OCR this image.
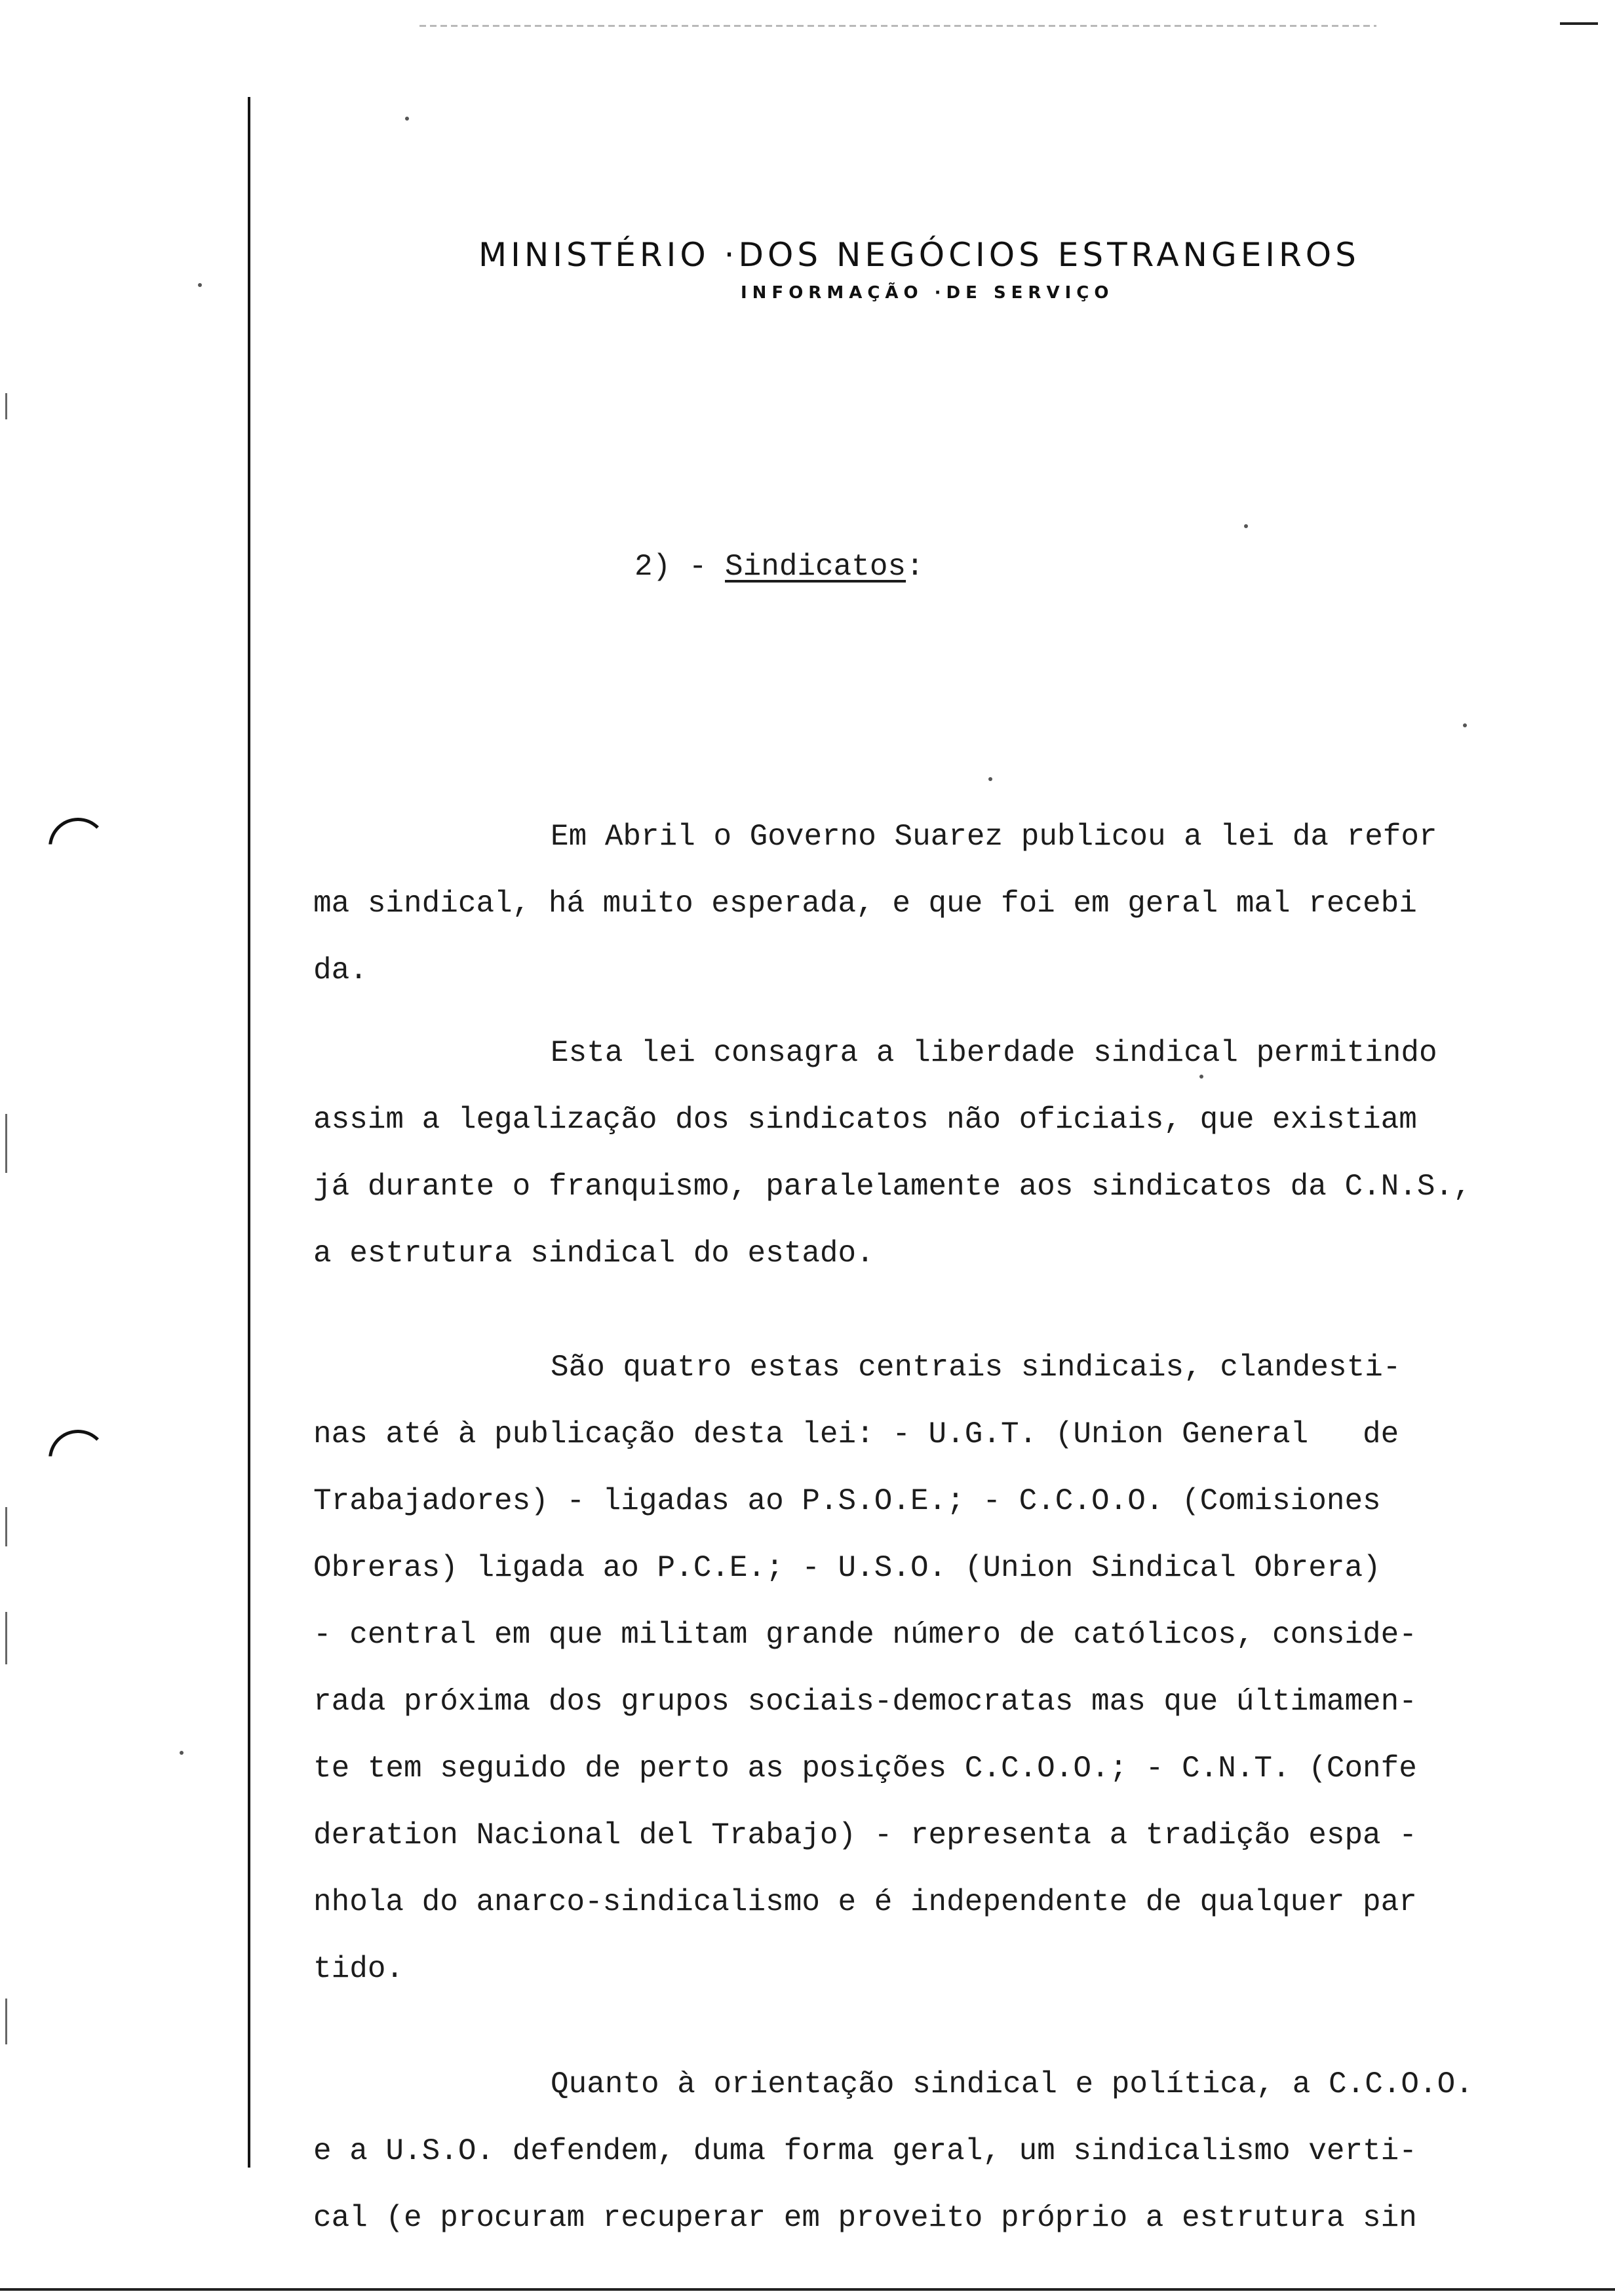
MINISTÉRIO ·DOS NEGÓCIOS ESTRANGEIROS
INFORMAÇÃO ·DE SERVIÇO
2) - Sindicatos:
Em Abril o Governo Suarez publicou a lei da refor
ma sindical, há muito esperada, e que foi em geral mal recebi
da.
Esta lei consagra a liberdade sindical permitindo
assim a legalização dos sindicatos não oficiais, que existiam
já durante o franquismo, paralelamente aos sindicatos da C.N.S.,
a estrutura sindical do estado.
São quatro estas centrais sindicais, clandesti-
nas até à publicação desta lei: - U.G.T. (Union General   de
Trabajadores) - ligadas ao P.S.O.E.; - C.C.O.O. (Comisiones
Obreras) ligada ao P.C.E.; - U.S.O. (Union Sindical Obrera)
- central em que militam grande número de católicos, conside-
rada próxima dos grupos sociais-democratas mas que últimamen-
te tem seguido de perto as posições C.C.O.O.; - C.N.T. (Confe
deration Nacional del Trabajo) - representa a tradição espa -
nhola do anarco-sindicalismo e é independente de qualquer par
tido.
Quanto à orientação sindical e política, a C.C.O.O.
e a U.S.O. defendem, duma forma geral, um sindicalismo verti-
cal (e procuram recuperar em proveito próprio a estrutura sin
